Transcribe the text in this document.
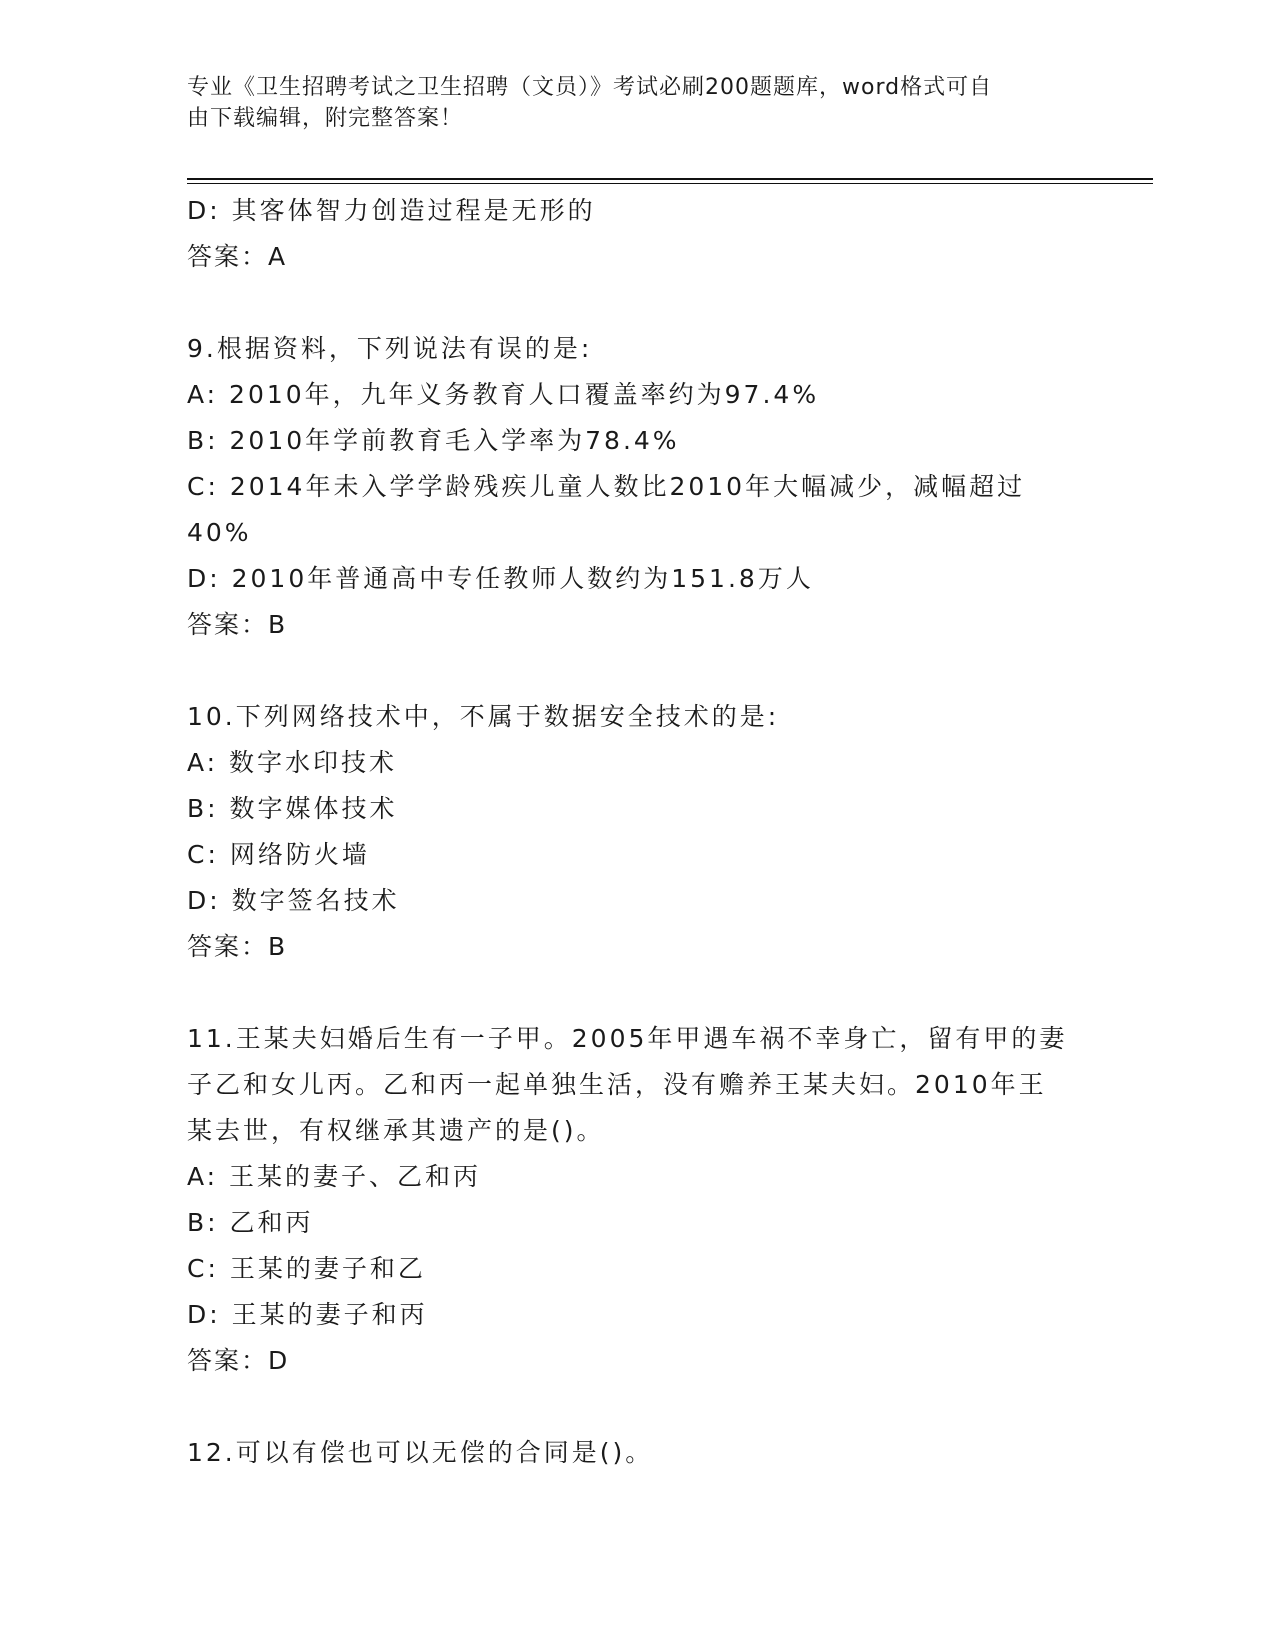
专业《卫生招聘考试之卫生招聘（文员）》考试必刷200题题库，word格式可自
由下载编辑，附完整答案！
D: 其客体智力创造过程是无形的
答案：A
9.根据资料，下列说法有误的是:
A: 2010年，九年义务教育人口覆盖率约为97.4%
B: 2010年学前教育毛入学率为78.4%
C: 2014年未入学学龄残疾儿童人数比2010年大幅减少，减幅超过
40%
D: 2010年普通高中专任教师人数约为151.8万人
答案：B
10.下列网络技术中，不属于数据安全技术的是:
A: 数字水印技术
B: 数字媒体技术
C: 网络防火墙
D: 数字签名技术
答案：B
11.王某夫妇婚后生有一子甲。2005年甲遇车祸不幸身亡，留有甲的妻
子乙和女儿丙。乙和丙一起单独生活，没有赡养王某夫妇。2010年王
某去世，有权继承其遗产的是()。
A: 王某的妻子、乙和丙
B: 乙和丙
C: 王某的妻子和乙
D: 王某的妻子和丙
答案：D
12.可以有偿也可以无偿的合同是()。
